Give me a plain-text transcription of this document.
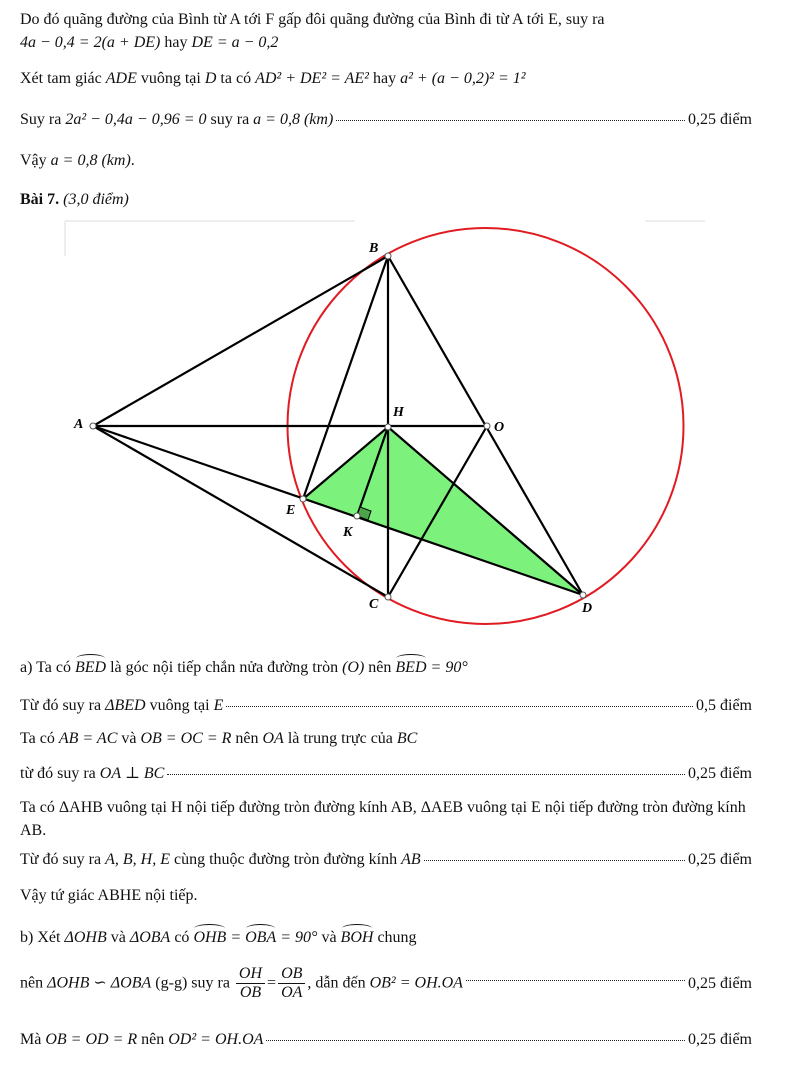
Do đó quãng đường của Bình từ A tới F gấp đôi quãng đường của Bình đi từ A tới E, suy ra
4a − 0,4 = 2(a + DE) hay DE = a − 0,2
Xét tam giác ADE vuông tại D ta có AD² + DE² = AE² hay a² + (a − 0,2)² = 1²
Suy ra 2a² − 0,4a − 0,96 = 0 suy ra a = 0,8 (km)	0,25 điểm
Vậy a = 0,8 (km).
Bài 7. (3,0 điểm)
A
B
H
O
E
K
C	D
a) Ta có BED là góc nội tiếp chắn nửa đường tròn (O) nên BED = 90°
Từ đó suy ra ΔBED vuông tại E	0,5 điểm
Ta có AB = AC và OB = OC = R nên OA là trung trực của BC
từ đó suy ra OA ⊥ BC	0,25 điểm
Ta có ΔAHB vuông tại H nội tiếp đường tròn đường kính AB, ΔAEB vuông tại E nội tiếp đường tròn đường kính AB.
Từ đó suy ra A, B, H, E cùng thuộc đường tròn đường kính AB	0,25 điểm
Vậy tứ giác ABHE nội tiếp.
b) Xét ΔOHB và ΔOBA có OHB = OBA = 90° và BOH chung
nên ΔOHB ∽ ΔOBA (g-g) suy ra $\frac{OH}{OB} = \frac{OB}{OA}$ , dẫn đến OB² = OH.OA	0,25 điểm
Mà OB = OD = R nên OD² = OH.OA	0,25 điểm
